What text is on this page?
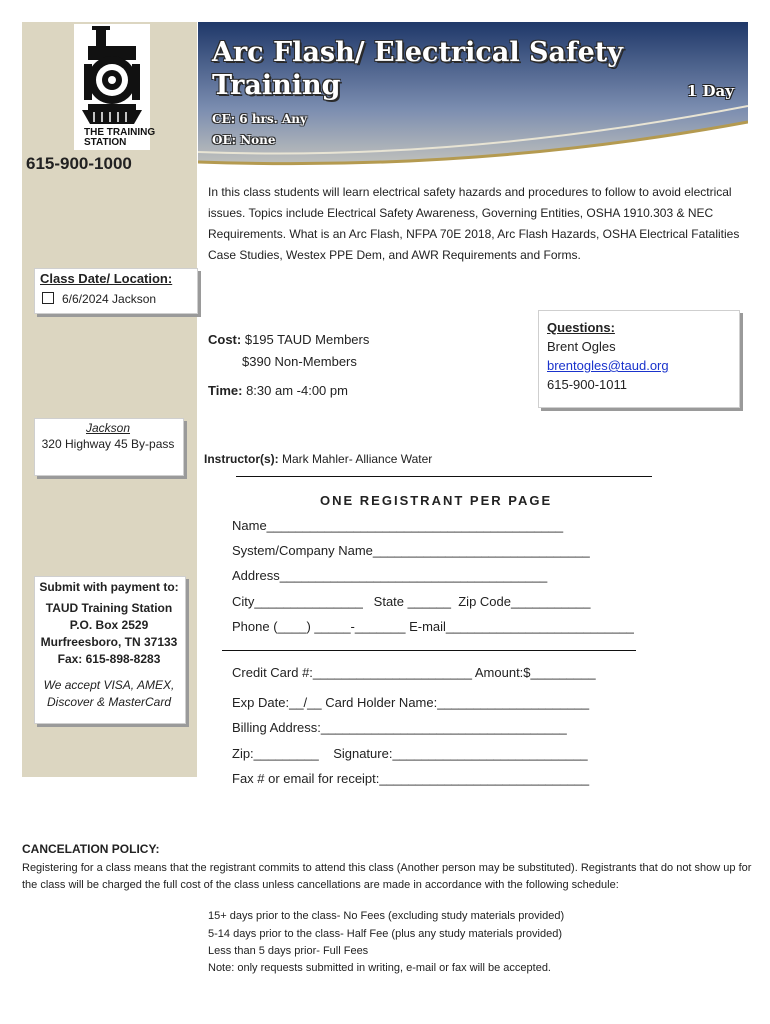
THE TRAINING
STATION
615-900-1000
Arc Flash/ Electrical Safety
Training	1 Day
CE: 6 hrs. Any
OE: None
In this class students will learn electrical safety hazards and procedures to follow to avoid electrical issues. Topics include Electrical Safety Awareness, Governing Entities, OSHA 1910.303 & NEC Requirements. What is an Arc Flash, NFPA 70E 2018, Arc Flash Hazards, OSHA Electrical Fatalities Case Studies, Westex PPE Dem, and AWR Requirements and Forms.
Class Date/ Location:
6/6/2024 Jackson
Jackson
320 Highway 45 By-pass
Cost: $195 TAUD Members
$390 Non-Members
Time: 8:30 am -4:00 pm
Questions:
Brent Ogles
brentogles@taud.org
615-900-1011
Instructor(s): Mark Mahler- Alliance Water
Submit with payment to:
TAUD Training Station
P.O. Box 2529
Murfreesboro, TN 37133
Fax: 615-898-8283
We accept VISA, AMEX,
Discover & MasterCard
ONE REGISTRANT PER PAGE
Name_________________________________________
System/Company Name______________________________
Address_____________________________________
City_______________   State ______  Zip Code___________
Phone (____) _____-_______ E-mail__________________________
Credit Card #:______________________ Amount:$_________
Exp Date:__/__ Card Holder Name:_____________________
Billing Address:__________________________________
Zip:_________    Signature:___________________________
Fax # or email for receipt:_____________________________
CANCELATION POLICY:
Registering for a class means that the registrant commits to attend this class (Another person may be substituted). Registrants that do not show up for the class will be charged the full cost of the class unless cancellations are made in accordance with the following schedule:
15+ days prior to the class- No Fees (excluding study materials provided)
5-14 days prior to the class- Half Fee (plus any study materials provided)
Less than 5 days prior- Full Fees
Note: only requests submitted in writing, e-mail or fax will be accepted.
